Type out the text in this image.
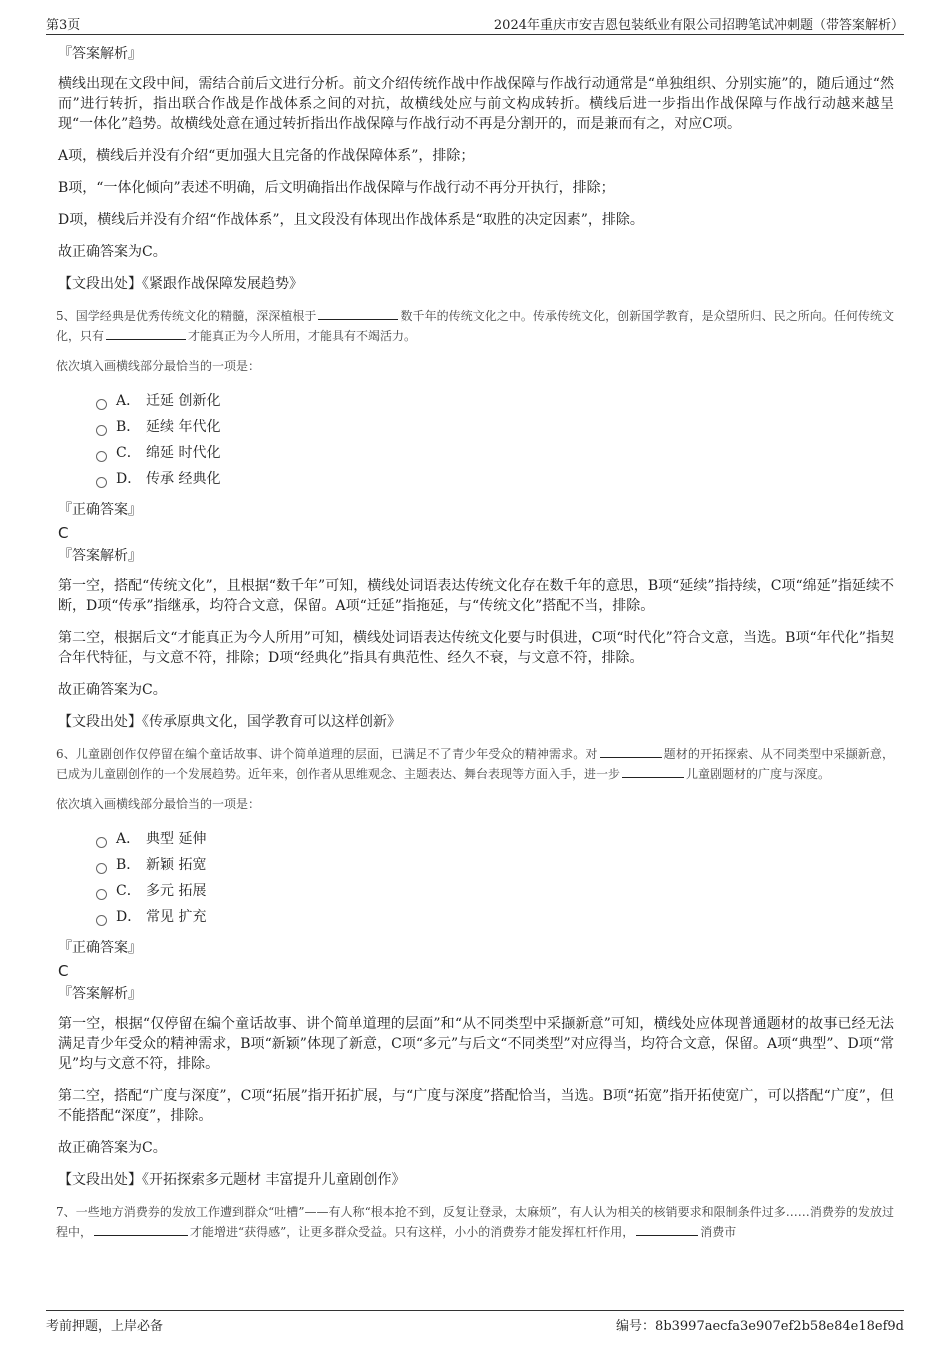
第3页	2024年重庆市安吉恩包装纸业有限公司招聘笔试冲刺题（带答案解析）
『答案解析』
横线出现在文段中间，需结合前后文进行分析。前文介绍传统作战中作战保障与作战行动通常是“单独组织、分别实施”的，随后通过“然而”进行转折，指出联合作战是作战体系之间的对抗，故横线处应与前文构成转折。横线后进一步指出作战保障与作战行动越来越呈现“一体化”趋势。故横线处意在通过转折指出作战保障与作战行动不再是分割开的，而是兼而有之，对应C项。
A项，横线后并没有介绍“更加强大且完备的作战保障体系”，排除；
B项，“一体化倾向”表述不明确，后文明确指出作战保障与作战行动不再分开执行，排除；
D项，横线后并没有介绍“作战体系”，且文段没有体现出作战体系是“取胜的决定因素”，排除。
故正确答案为C。
【文段出处】《紧跟作战保障发展趋势》
5、国学经典是优秀传统文化的精髓，深深植根于	数千年的传统文化之中。传承传统文化，创新国学教育，是众望所归、民之所向。任何传统文化，只有	才能真正为今人所用，才能具有不竭活力。
依次填入画横线部分最恰当的一项是：
A． 迁延 创新化
B． 延续 年代化
C． 绵延 时代化
D． 传承 经典化
『正确答案』
C
『答案解析』
第一空，搭配“传统文化”，且根据“数千年”可知，横线处词语表达传统文化存在数千年的意思，B项“延续”指持续，C项“绵延”指延续不断，D项“传承”指继承，均符合文意，保留。A项“迁延”指拖延，与“传统文化”搭配不当，排除。
第二空，根据后文“才能真正为今人所用”可知，横线处词语表达传统文化要与时俱进，C项“时代化”符合文意，当选。B项“年代化”指契合年代特征，与文意不符，排除；D项“经典化”指具有典范性、经久不衰，与文意不符，排除。
故正确答案为C。
【文段出处】《传承原典文化，国学教育可以这样创新》
6、儿童剧创作仅停留在编个童话故事、讲个简单道理的层面，已满足不了青少年受众的精神需求。对	题材的开拓探索、从不同类型中采撷新意，已成为儿童剧创作的一个发展趋势。近年来，创作者从思维观念、主题表达、舞台表现等方面入手，进一步	儿童剧题材的广度与深度。
依次填入画横线部分最恰当的一项是：
A． 典型 延伸
B． 新颖 拓宽
C． 多元 拓展
D． 常见 扩充
『正确答案』
C
『答案解析』
第一空，根据“仅停留在编个童话故事、讲个简单道理的层面”和“从不同类型中采撷新意”可知，横线处应体现普通题材的故事已经无法满足青少年受众的精神需求，B项“新颖”体现了新意，C项“多元”与后文“不同类型”对应得当，均符合文意，保留。A项“典型”、D项“常见”均与文意不符，排除。
第二空，搭配“广度与深度”，C项“拓展”指开拓扩展，与“广度与深度”搭配恰当，当选。B项“拓宽”指开拓使宽广，可以搭配“广度”，但不能搭配“深度”，排除。
故正确答案为C。
【文段出处】《开拓探索多元题材 丰富提升儿童剧创作》
7、一些地方消费券的发放工作遭到群众“吐槽”——有人称“根本抢不到，反复让登录，太麻烦”，有人认为相关的核销要求和限制条件过多……消费券的发放过程中，	才能增进“获得感”，让更多群众受益。只有这样，小小的消费券才能发挥杠杆作用，	消费市
考前押题，上岸必备	编号：8b3997aecfa3e907ef2b58e84e18ef9d
